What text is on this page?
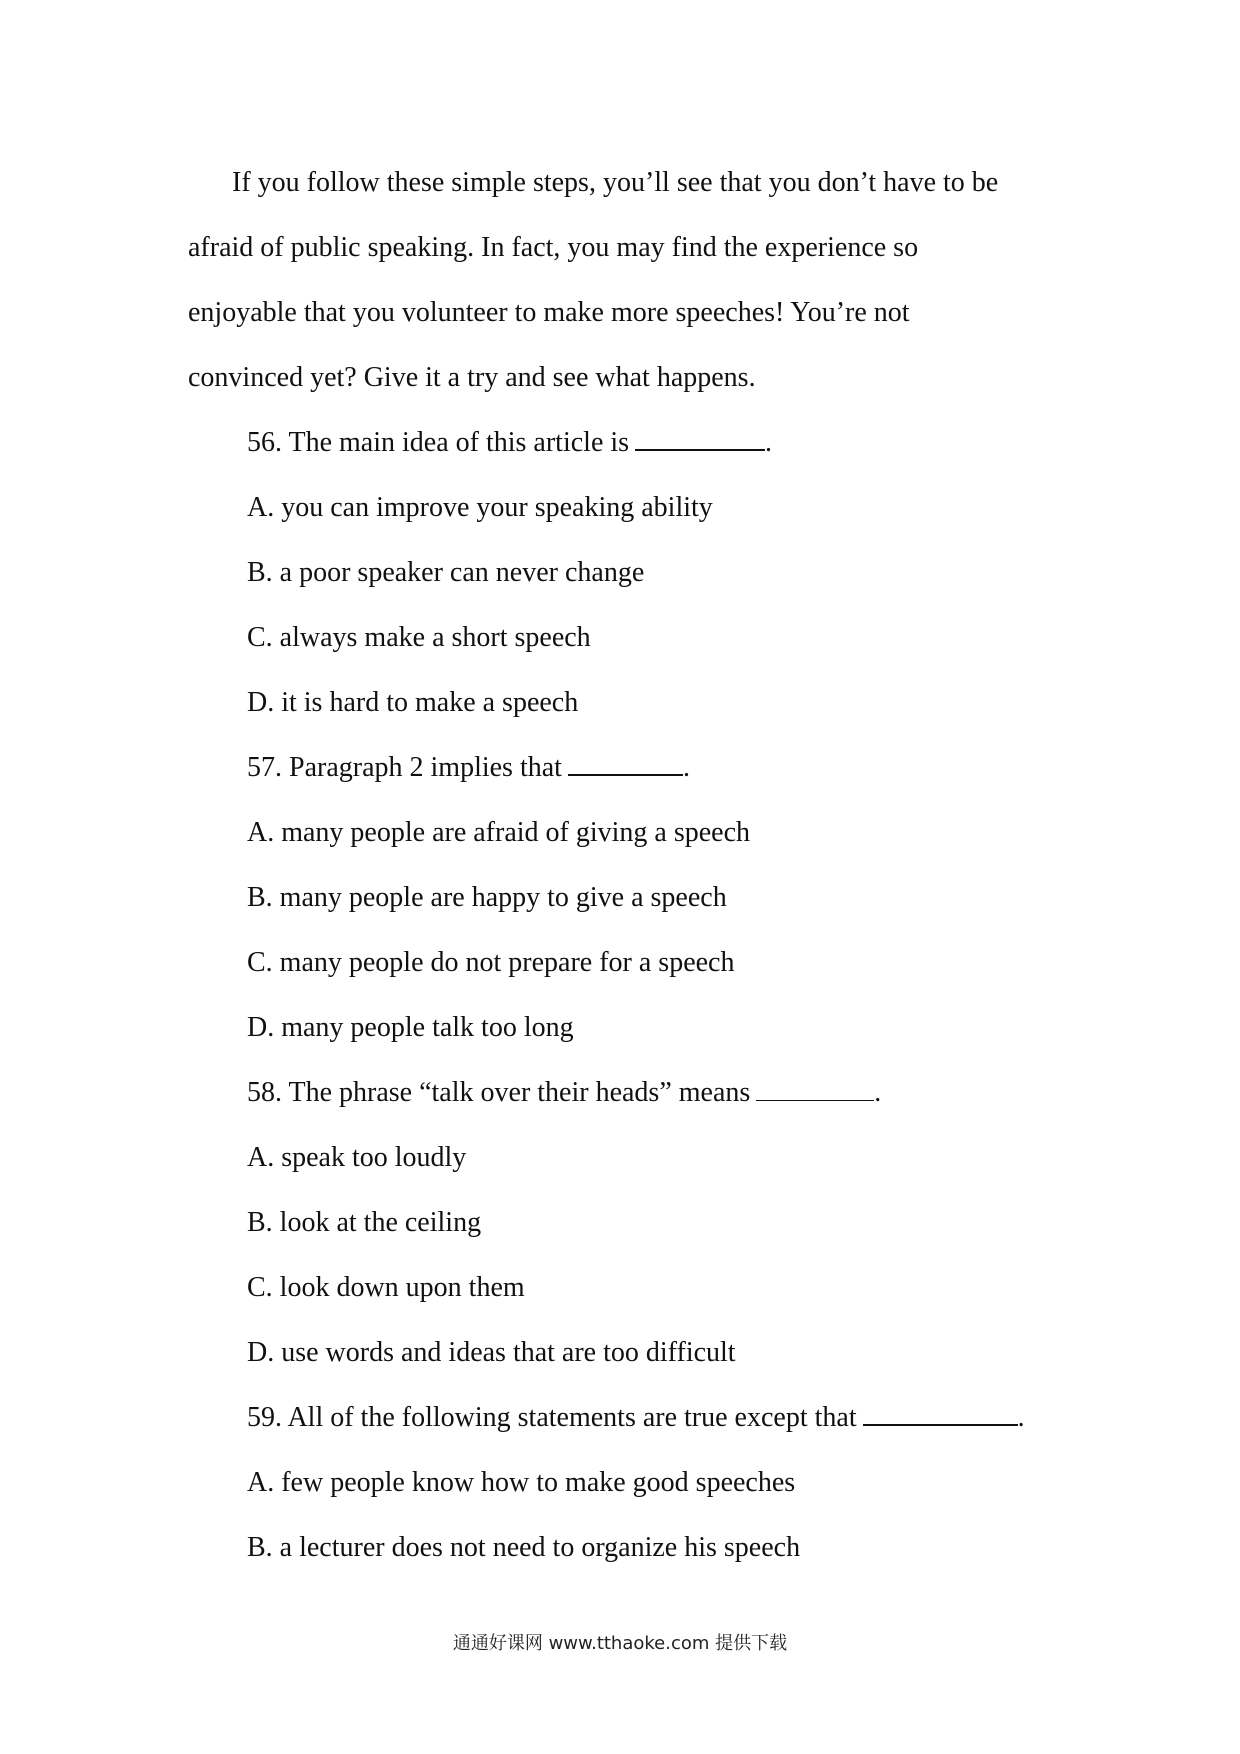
If you follow these simple steps, you’ll see that you don’t have to be
afraid of public speaking. In fact, you may find the experience so
enjoyable that you volunteer to make more speeches! You’re not
convinced yet? Give it a try and see what happens.
56. The main idea of this article is	.
A. you can improve your speaking ability
B. a poor speaker can never change
C. always make a short speech
D. it is hard to make a speech
57. Paragraph 2 implies that	.
A. many people are afraid of giving a speech
B. many people are happy to give a speech
C. many people do not prepare for a speech
D. many people talk too long
58. The phrase “talk over their heads” means	.
A. speak too loudly
B. look at the ceiling
C. look down upon them
D. use words and ideas that are too difficult
59. All of the following statements are true except that	.
A. few people know how to make good speeches
B. a lecturer does not need to organize his speech
通通好课网 www.tthaoke.com 提供下载
